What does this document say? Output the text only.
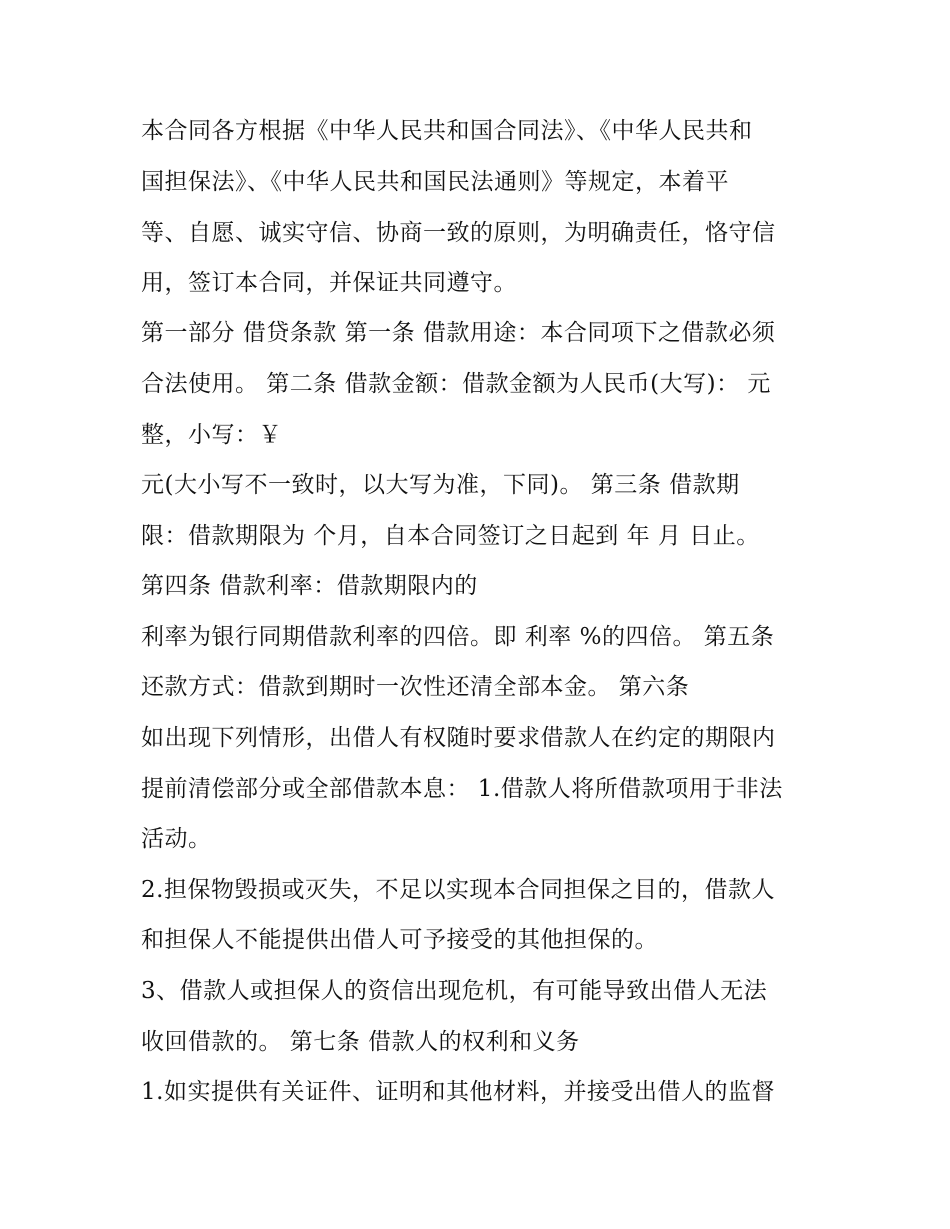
本合同各方根据《中华人民共和国合同法》、《中华人民共和
国担保法》、《中华人民共和国民法通则》等规定，本着平
等、自愿、诚实守信、协商一致的原则，为明确责任，恪守信
用，签订本合同，并保证共同遵守。
第一部分 借贷条款 第一条 借款用途：本合同项下之借款必须
合法使用。 第二条 借款金额：借款金额为人民币(大写)： 元
整，小写：￥
元(大小写不一致时，以大写为准，下同)。 第三条 借款期
限：借款期限为 个月，自本合同签订之日起到 年 月 日止。
第四条 借款利率：借款期限内的
利率为银行同期借款利率的四倍。即 利率 %的四倍。 第五条
还款方式：借款到期时一次性还清全部本金。 第六条
如出现下列情形，出借人有权随时要求借款人在约定的期限内
提前清偿部分或全部借款本息： 1.借款人将所借款项用于非法
活动。
2.担保物毁损或灭失，不足以实现本合同担保之目的，借款人
和担保人不能提供出借人可予接受的其他担保的。
3、借款人或担保人的资信出现危机，有可能导致出借人无法
收回借款的。 第七条 借款人的权利和义务
1.如实提供有关证件、证明和其他材料，并接受出借人的监督
